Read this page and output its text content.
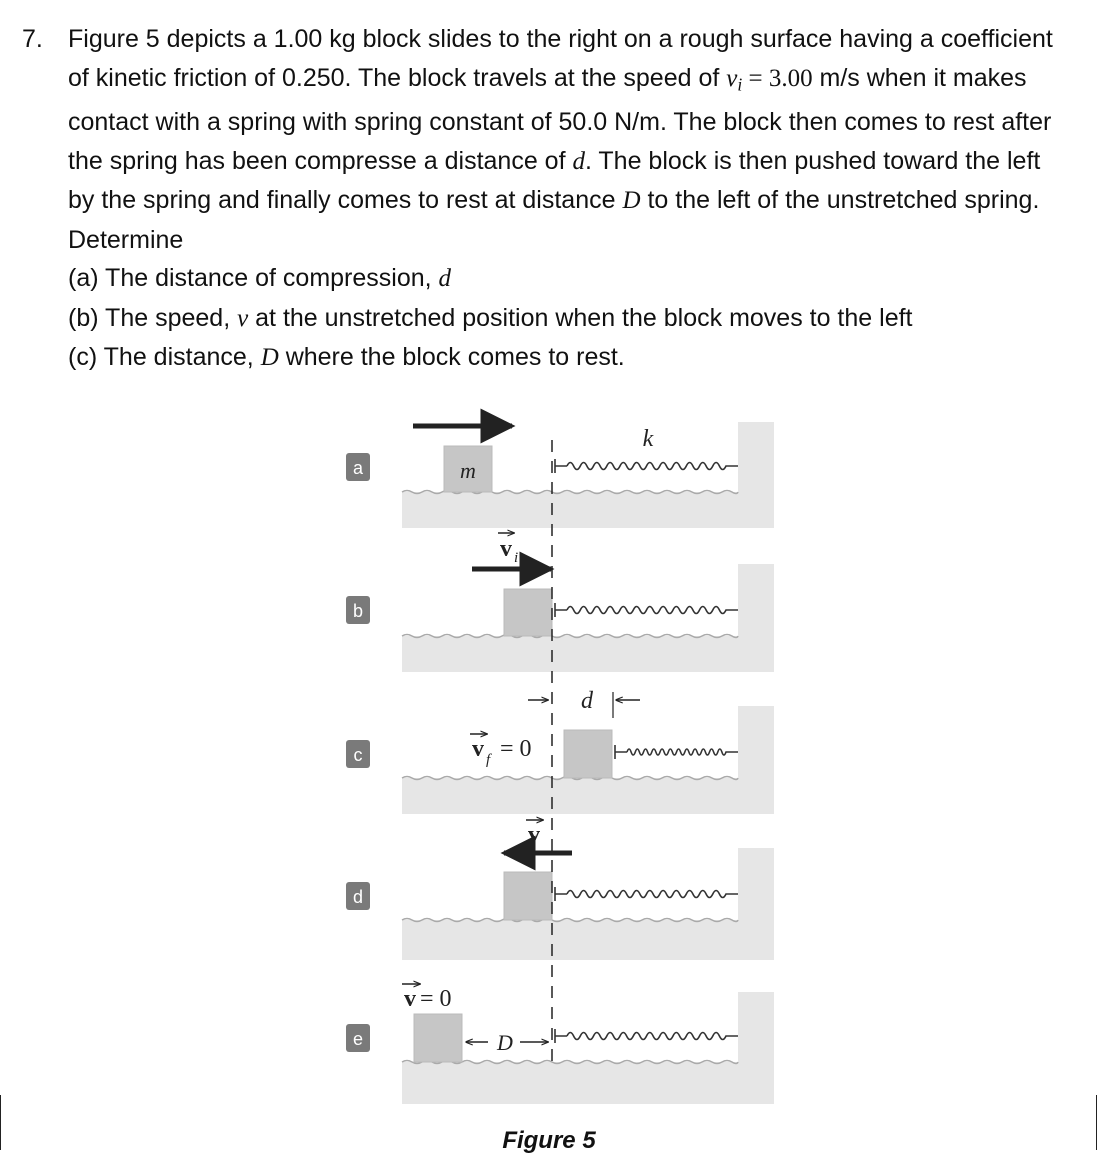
7.	Figure 5 depicts a 1.00 kg block slides to the right on a rough surface having a coefficient of kinetic friction of 0.250. The block travels at the speed of $v_i = 3.00$ m/s when it makes contact with a spring with spring constant of 50.0 N/m. The block then comes to rest after the spring has been compresse a distance of d. The block is then pushed toward the left by the spring and finally comes to rest at distance D to the left of the unstretched spring. Determine
(a) The distance of compression, d
(b) The speed, v at the unstretched position when the block moves to the left
(c) The distance, D where the block comes to rest.
a
b
c
d
e
m
k
v i
d
v f = 0
v
v = 0
D
Figure 5
